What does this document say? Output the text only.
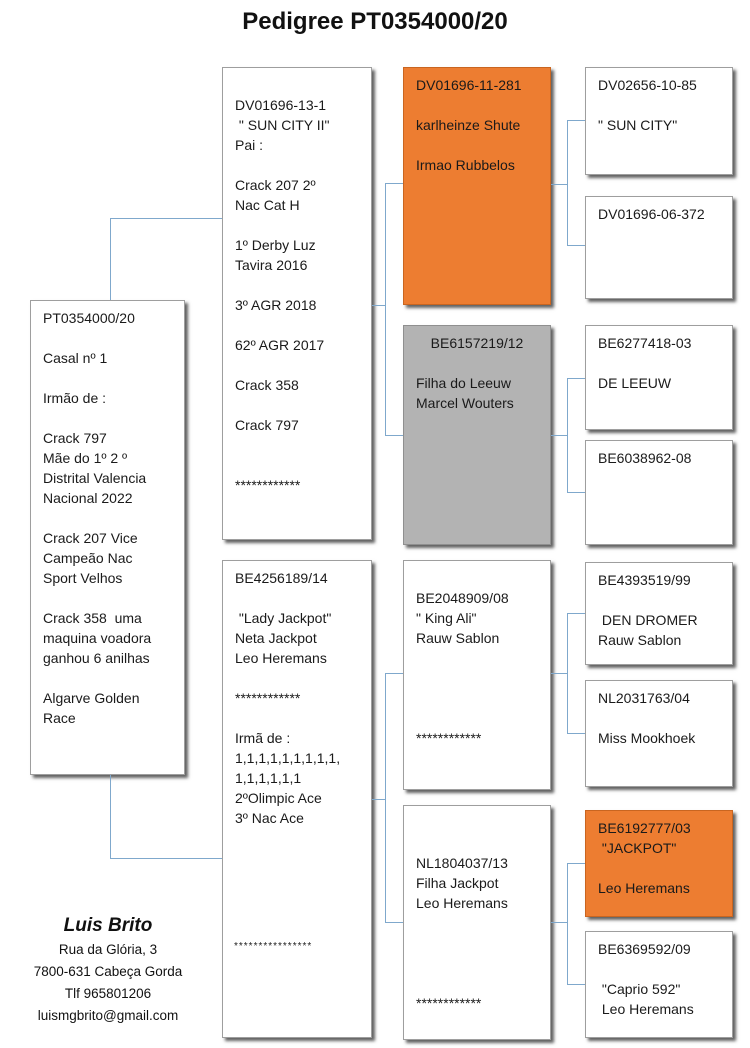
Pedigree PT0354000/20
PT0354000/20

Casal nº 1

Irmão de :

Crack 797
Mãe do 1º 2 º
Distrital Valencia
Nacional 2022

Crack 207 Vice
Campeão Nac
Sport Velhos

Crack 358  uma
maquina voadora
ganhou 6 anilhas

Algarve Golden
Race

DV01696-13-1
" SUN CITY II"
Pai :

Crack 207 2º
Nac Cat H

1º Derby Luz
Tavira 2016

3º AGR 2018

62º AGR 2017

Crack 358

Crack 797

************
BE4256189/14

"Lady Jackpot"
Neta Jackpot
Leo Heremans

************

Irmã de :
1,1,1,1,1,1,1,1,1,
1,1,1,1,1,1
2ºOlimpic Ace
3º Nac Ace
****************
DV01696-11-281

karlheinze Shute

Irmao Rubbelos
BE6157219/12

Filha do Leeuw
Marcel Wouters

BE2048909/08
" King Ali"
Rauw Sablon

************

NL1804037/13
Filha Jackpot
Leo Heremans

************
DV02656-10-85

" SUN CITY"
DV01696-06-372
BE6277418-03

DE LEEUW
BE6038962-08
BE4393519/99

DEN DROMER
Rauw Sablon
NL2031763/04

Miss Mookhoek
BE6192777/03
"JACKPOT"

Leo Heremans
BE6369592/09

"Caprio 592"
Leo Heremans
Luis Brito
Rua da Glória, 3
7800-631 Cabeça Gorda
Tlf 965801206
luismgbrito@gmail.com
